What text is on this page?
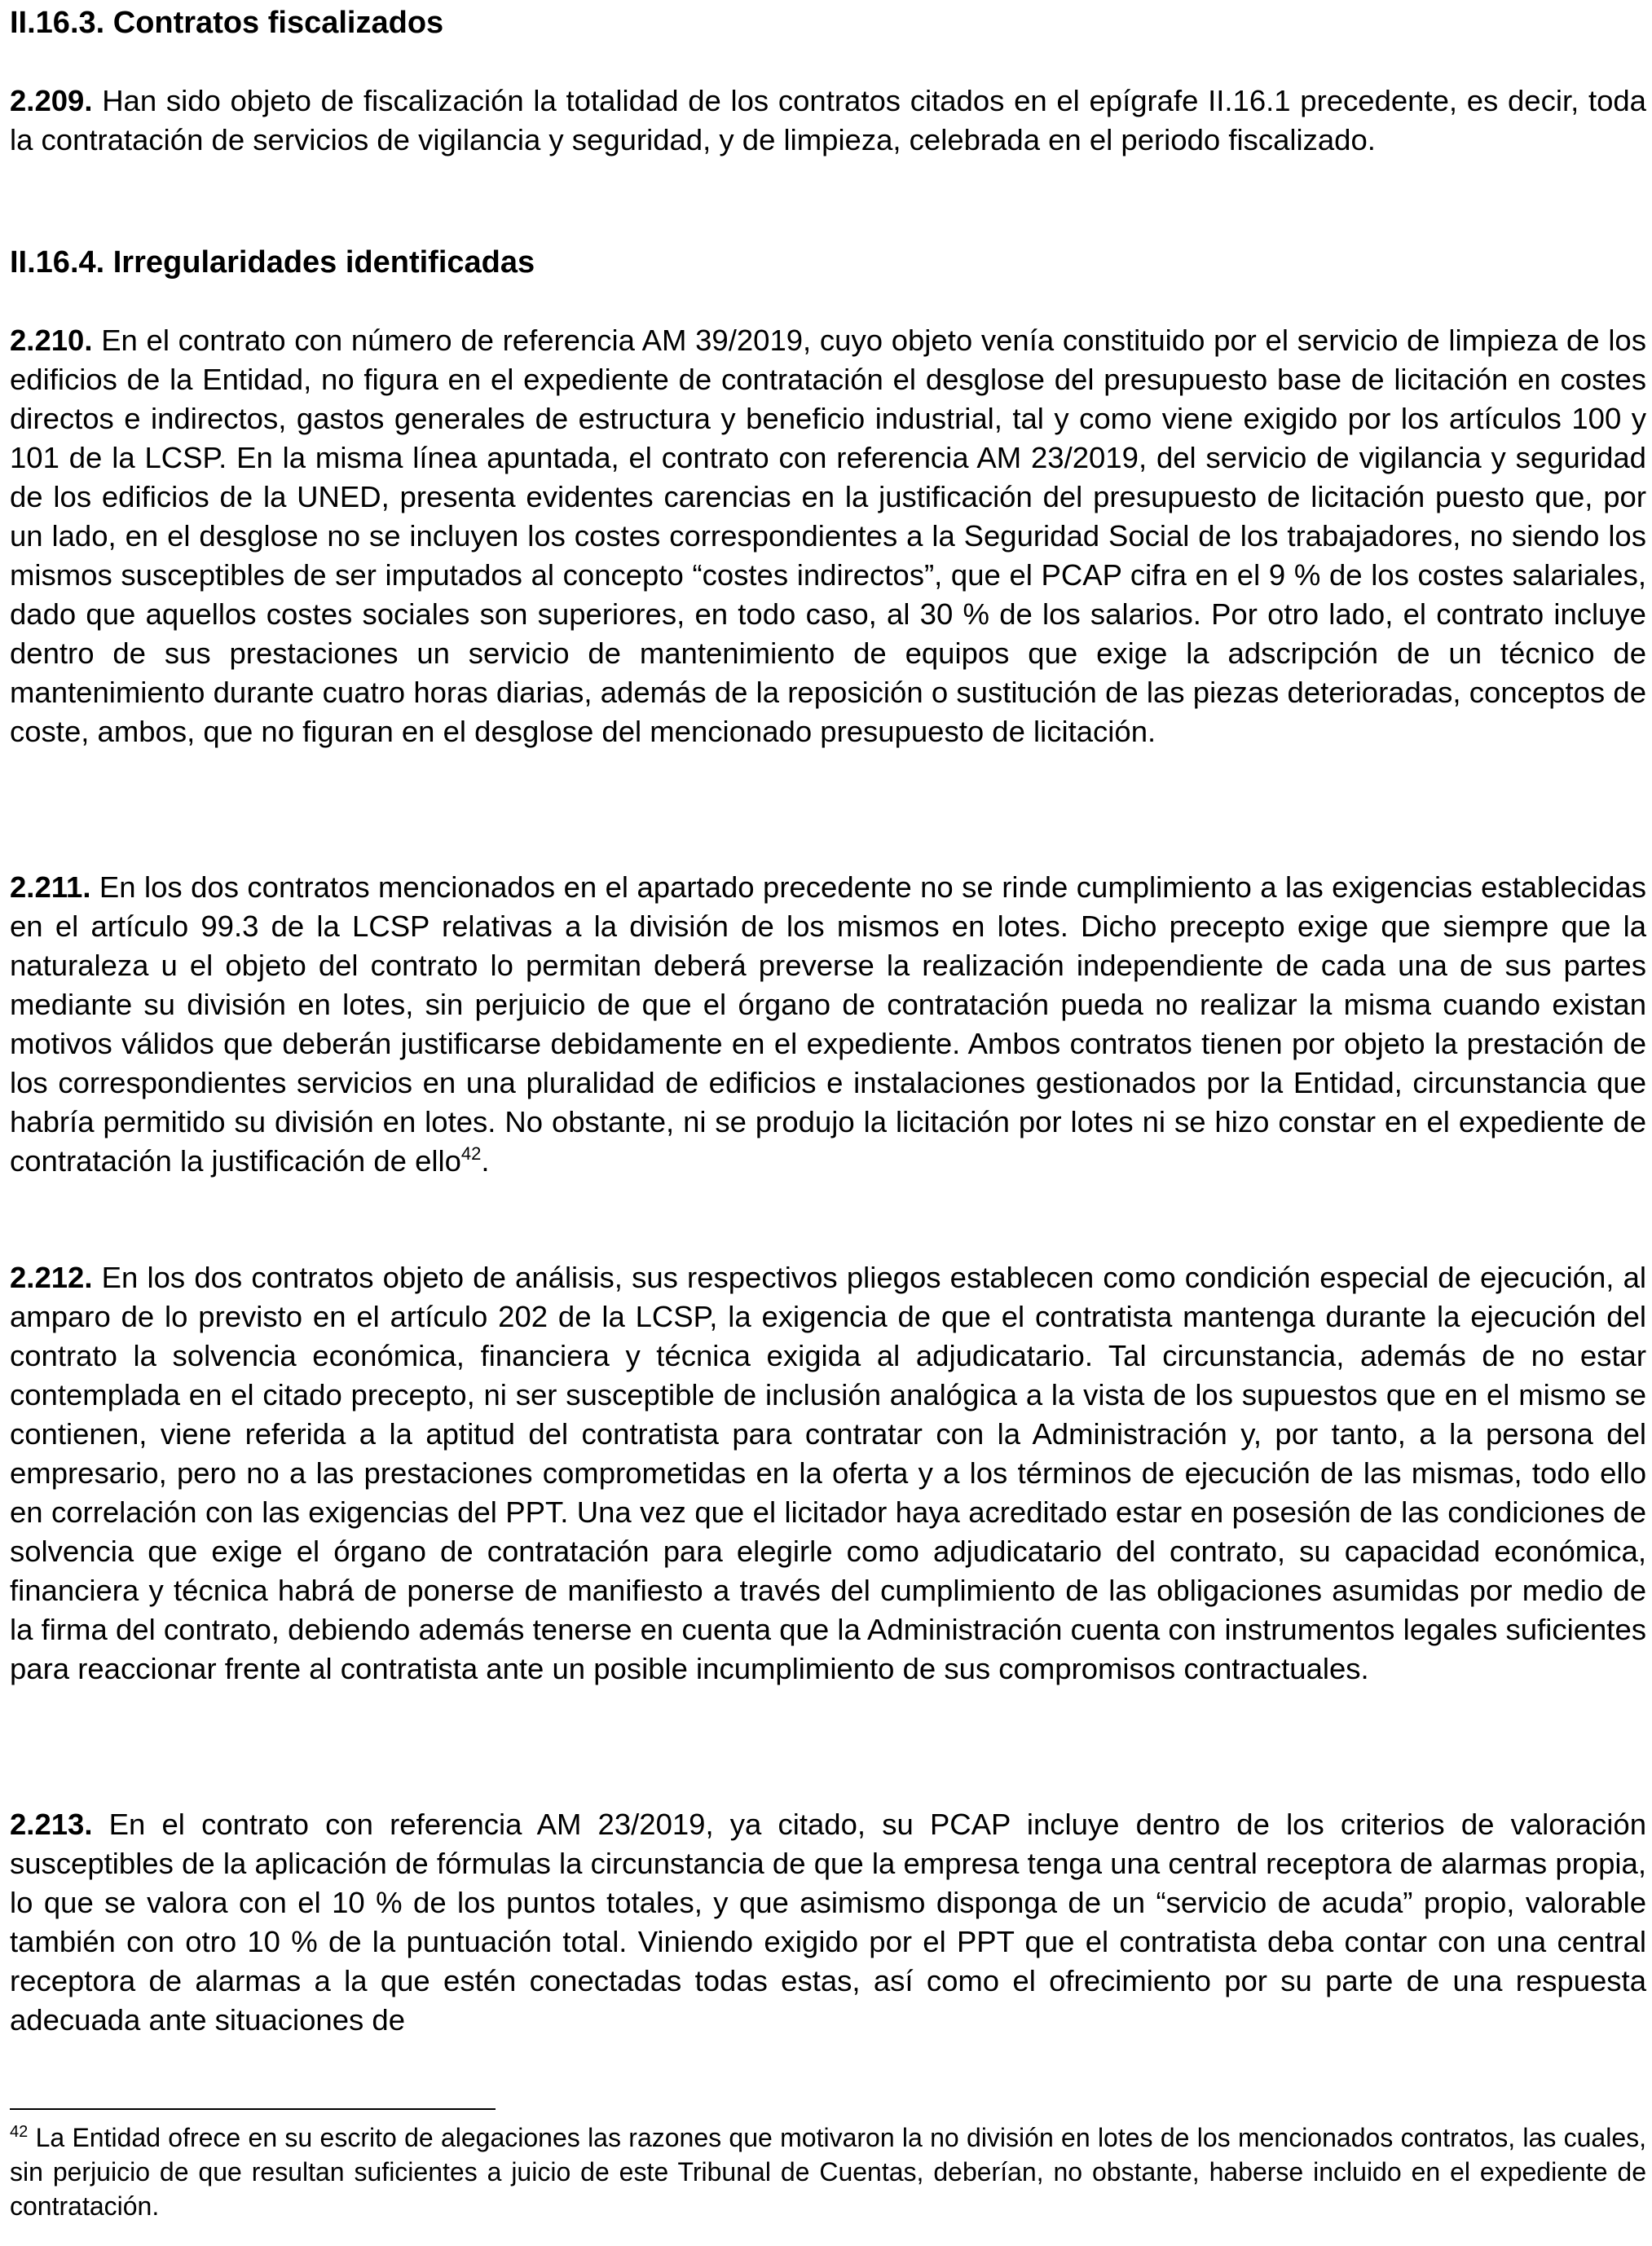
II.16.3. Contratos fiscalizados

2.209. Han sido objeto de fiscalización la totalidad de los contratos citados en el epígrafe II.16.1 precedente, es decir, toda la contratación de servicios de vigilancia y seguridad, y de limpieza, celebrada en el periodo fiscalizado.

II.16.4. Irregularidades identificadas

2.210. En el contrato con número de referencia AM 39/2019, cuyo objeto venía constituido por el servicio de limpieza de los edificios de la Entidad, no figura en el expediente de contratación el desglose del presupuesto base de licitación en costes directos e indirectos, gastos generales de estructura y beneficio industrial, tal y como viene exigido por los artículos 100 y 101 de la LCSP. En la misma línea apuntada, el contrato con referencia AM 23/2019, del servicio de vigilancia y seguridad de los edificios de la UNED, presenta evidentes carencias en la justificación del presupuesto de licitación puesto que, por un lado, en el desglose no se incluyen los costes correspondientes a la Seguridad Social de los trabajadores, no siendo los mismos susceptibles de ser imputados al concepto “costes indirectos”, que el PCAP cifra en el 9 % de los costes salariales, dado que aquellos costes sociales son superiores, en todo caso, al 30 % de los salarios. Por otro lado, el contrato incluye dentro de sus prestaciones un servicio de mantenimiento de equipos que exige la adscripción de un técnico de mantenimiento durante cuatro horas diarias, además de la reposición o sustitución de las piezas deterioradas, conceptos de coste, ambos, que no figuran en el desglose del mencionado presupuesto de licitación.

2.211. En los dos contratos mencionados en el apartado precedente no se rinde cumplimiento a las exigencias establecidas en el artículo 99.3 de la LCSP relativas a la división de los mismos en lotes. Dicho precepto exige que siempre que la naturaleza u el objeto del contrato lo permitan deberá preverse la realización independiente de cada una de sus partes mediante su división en lotes, sin perjuicio de que el órgano de contratación pueda no realizar la misma cuando existan motivos válidos que deberán justificarse debidamente en el expediente. Ambos contratos tienen por objeto la prestación de los correspondientes servicios en una pluralidad de edificios e instalaciones gestionados por la Entidad, circunstancia que habría permitido su división en lotes. No obstante, ni se produjo la licitación por lotes ni se hizo constar en el expediente de contratación la justificación de ello$^{42}$.

2.212. En los dos contratos objeto de análisis, sus respectivos pliegos establecen como condición especial de ejecución, al amparo de lo previsto en el artículo 202 de la LCSP, la exigencia de que el contratista mantenga durante la ejecución del contrato la solvencia económica, financiera y técnica exigida al adjudicatario. Tal circunstancia, además de no estar contemplada en el citado precepto, ni ser susceptible de inclusión analógica a la vista de los supuestos que en el mismo se contienen, viene referida a la aptitud del contratista para contratar con la Administración y, por tanto, a la persona del empresario, pero no a las prestaciones comprometidas en la oferta y a los términos de ejecución de las mismas, todo ello en correlación con las exigencias del PPT. Una vez que el licitador haya acreditado estar en posesión de las condiciones de solvencia que exige el órgano de contratación para elegirle como adjudicatario del contrato, su capacidad económica, financiera y técnica habrá de ponerse de manifiesto a través del cumplimiento de las obligaciones asumidas por medio de la firma del contrato, debiendo además tenerse en cuenta que la Administración cuenta con instrumentos legales suficientes para reaccionar frente al contratista ante un posible incumplimiento de sus compromisos contractuales.

2.213. En el contrato con referencia AM 23/2019, ya citado, su PCAP incluye dentro de los criterios de valoración susceptibles de la aplicación de fórmulas la circunstancia de que la empresa tenga una central receptora de alarmas propia, lo que se valora con el 10 % de los puntos totales, y que asimismo disponga de un “servicio de acuda” propio, valorable también con otro 10 % de la puntuación total. Viniendo exigido por el PPT que el contratista deba contar con una central receptora de alarmas a la que estén conectadas todas estas, así como el ofrecimiento por su parte de una respuesta adecuada ante situaciones de

$^{42}$ La Entidad ofrece en su escrito de alegaciones las razones que motivaron la no división en lotes de los mencionados contratos, las cuales, sin perjuicio de que resultan suficientes a juicio de este Tribunal de Cuentas, deberían, no obstante, haberse incluido en el expediente de contratación.
